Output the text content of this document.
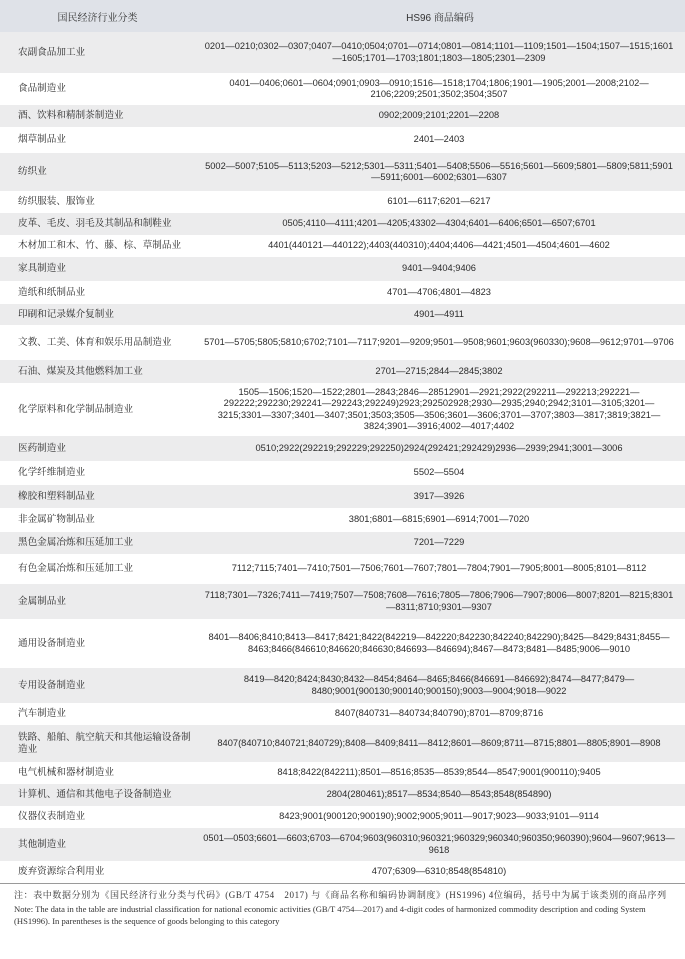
国民经济行业分类	HS96 商品编码
农副食品加工业	0201—0210;0302—0307;0407—0410;0504;0701—0714;0801—0814;1101—1109;1501—1504;1507—1515;1601—1605;1701—1703;1801;1803—1805;2301—2309
食品制造业	0401—0406;0601—0604;0901;0903—0910;1516—1518;1704;1806;1901—1905;2001—2008;2102—2106;2209;2501;3502;3504;3507
酒、饮料和精制茶制造业	0902;2009;2101;2201—2208
烟草制品业	2401—2403
纺织业	5002—5007;5105—5113;5203—5212;5301—5311;5401—5408;5506—5516;5601—5609;5801—5809;5811;5901—5911;6001—6002;6301—6307
纺织服装、服饰业	6101—6117;6201—6217
皮革、毛皮、羽毛及其制品和制鞋业	0505;4110—4111;4201—4205;43302—4304;6401—6406;6501—6507;6701
木材加工和木、竹、藤、棕、草制品业	4401(440121—440122);4403(440310);4404;4406—4421;4501—4504;4601—4602
家具制造业	9401—9404;9406
造纸和纸制品业	4701—4706;4801—4823
印刷和记录媒介复制业	4901—4911
文教、工美、体育和娱乐用品制造业	5701—5705;5805;5810;6702;7101—7117;9201—9209;9501—9508;9601;9603(960330);9608—9612;9701—9706
石油、煤炭及其他燃料加工业	2701—2715;2844—2845;3802
化学原料和化学制品制造业	1505—1506;1520—1522;2801—2843;2846—28512901—2921;2922(292211—292213;292221—292222;292230;292241—292243;292249)2923;292502928;2930—2935;2940;2942;3101—3105;3201—3215;3301—3307;3401—3407;3501;3503;3505—3506;3601—3606;3701—3707;3803—3817;3819;3821—3824;3901—3916;4002—4017;4402
医药制造业	0510;2922(292219;292229;292250)2924(292421;292429)2936—2939;2941;3001—3006
化学纤维制造业	5502—5504
橡胶和塑料制品业	3917—3926
非金属矿物制品业	3801;6801—6815;6901—6914;7001—7020
黑色金属冶炼和压延加工业	7201—7229
有色金属冶炼和压延加工业	7112;7115;7401—7410;7501—7506;7601—7607;7801—7804;7901—7905;8001—8005;8101—8112
金属制品业	7118;7301—7326;7411—7419;7507—7508;7608—7616;7805—7806;7906—7907;8006—8007;8201—8215;8301—8311;8710;9301—9307
通用设备制造业	8401—8406;8410;8413—8417;8421;8422(842219—842220;842230;842240;842290);8425—8429;8431;8455—8463;8466(846610;846620;846630;846693—846694);8467—8473;8481—8485;9006—9010
专用设备制造业	8419—8420;8424;8430;8432—8454;8464—8465;8466(846691—846692);8474—8477;8479—8480;9001(900130;900140;900150);9003—9004;9018—9022
汽车制造业	8407(840731—840734;840790);8701—8709;8716
铁路、船舶、航空航天和其他运输设备制造业	8407(840710;840721;840729);8408—8409;8411—8412;8601—8609;8711—8715;8801—8805;8901—8908
电气机械和器材制造业	8418;8422(842211);8501—8516;8535—8539;8544—8547;9001(900110);9405
计算机、通信和其他电子设备制造业	2804(280461);8517—8534;8540—8543;8548(854890)
仪器仪表制造业	8423;9001(900120;900190);9002;9005;9011—9017;9023—9033;9101—9114
其他制造业	0501—0503;6601—6603;6703—6704;9603(960310;960321;960329;960340;960350;960390);9604—9607;9613—9618
废弃资源综合利用业	4707;6309—6310;8548(854810)

注：表中数据分别为《国民经济行业分类与代码》(GB/T 4754　2017) 与《商品名称和编码协调制度》(HS1996) 4位编码，括号中为属于该类别的商品序列

Note: The data in the table are industrial classification for national economic activities (GB/T 4754—2017) and 4-digit codes of harmonized commodity description and coding System (HS1996). In parentheses is the sequence of goods belonging to this category
